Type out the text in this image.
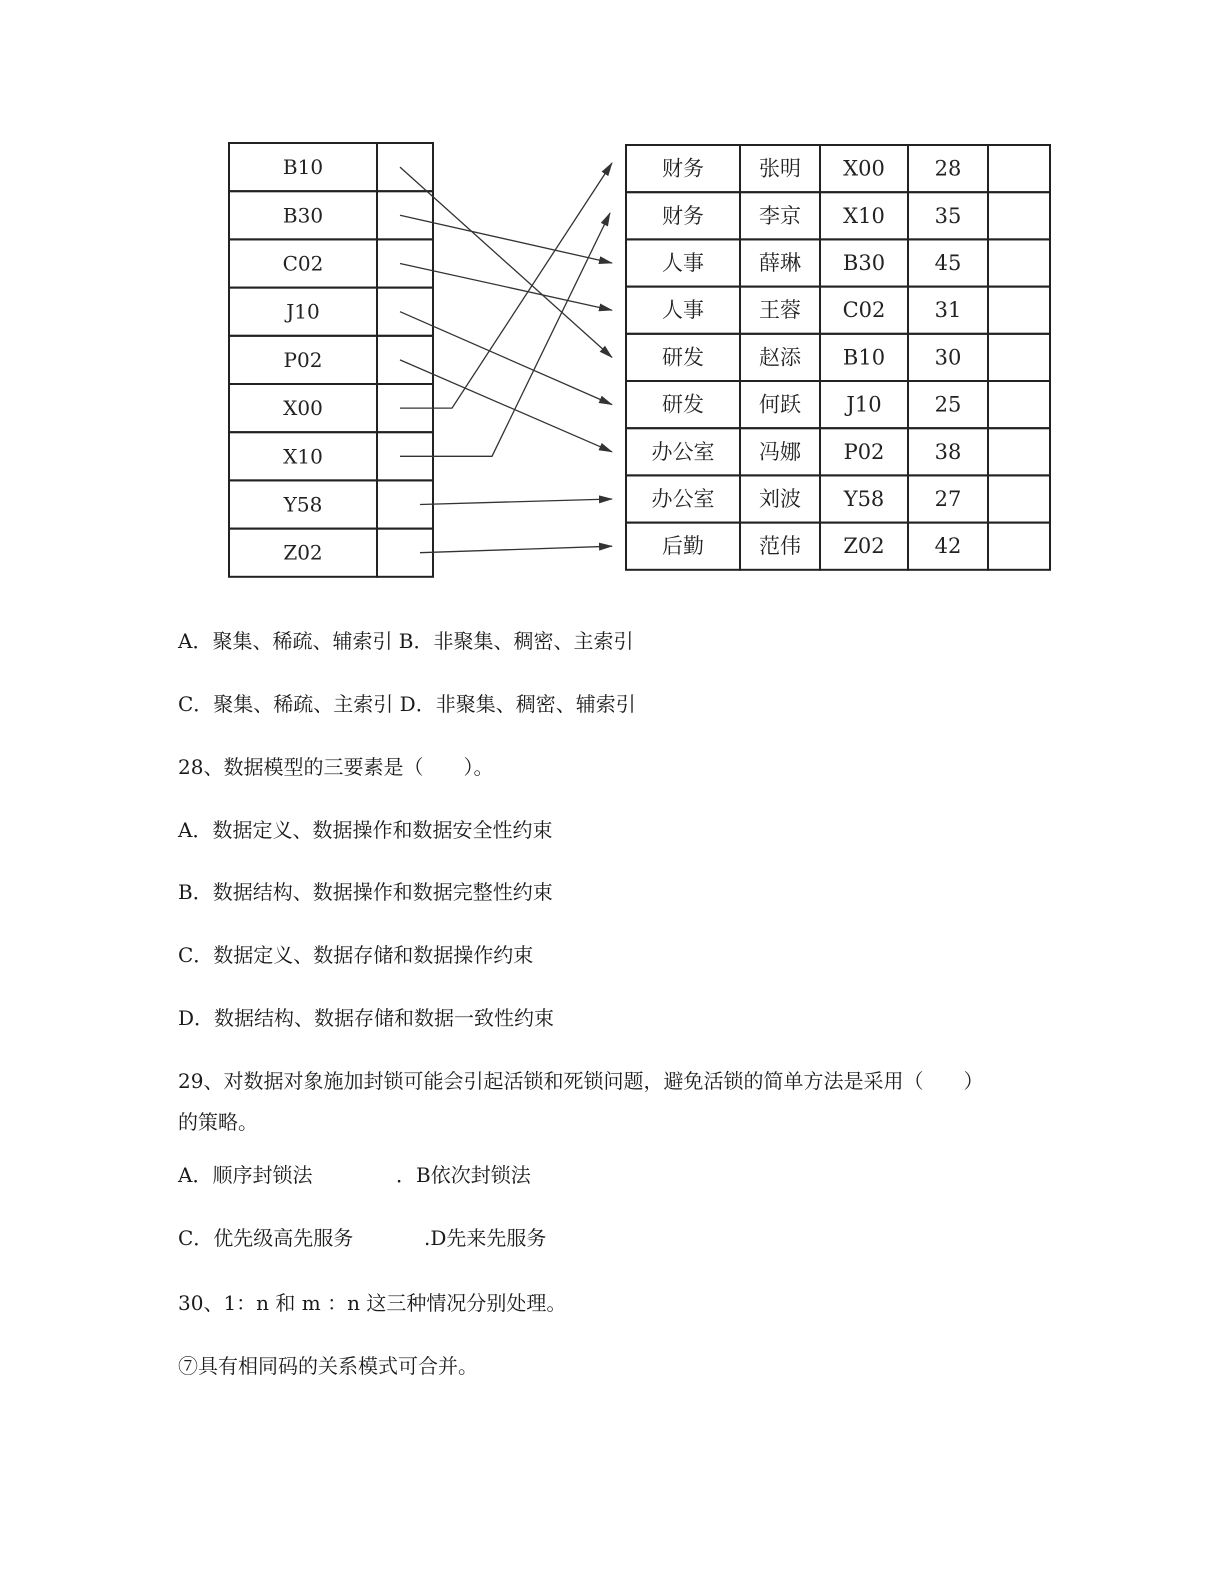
B10
B30
C02
J10
P02
X00
X10
Y58
Z02
财务	张明 X00 28
财务	李京 X10 35
人事	薛琳 B30 45
人事	王蓉 C02 31
研发	赵添 B10 30
研发	何跃 J10	25
办公室 冯娜 P02 38
办公室 刘波 Y58 27
后勤	范伟 Z02 42
A．聚集、稀疏、辅索引 B．非聚集、稠密、主索引
C．聚集、稀疏、主索引 D．非聚集、稠密、辅索引
28、数据模型的三要素是（　　）。
A．数据定义、数据操作和数据安全性约束
B．数据结构、数据操作和数据完整性约束
C．数据定义、数据存储和数据操作约束
D．数据结构、数据存储和数据一致性约束
29、对数据对象施加封锁可能会引起活锁和死锁问题，避免活锁的简单方法是采用（　　）
的策略。
A．顺序封锁法	．B依次封锁法
C．优先级高先服务	.D先来先服务
30、1：n 和 m ：n 这三种情况分别处理。
⑦具有相同码的关系模式可合并。
